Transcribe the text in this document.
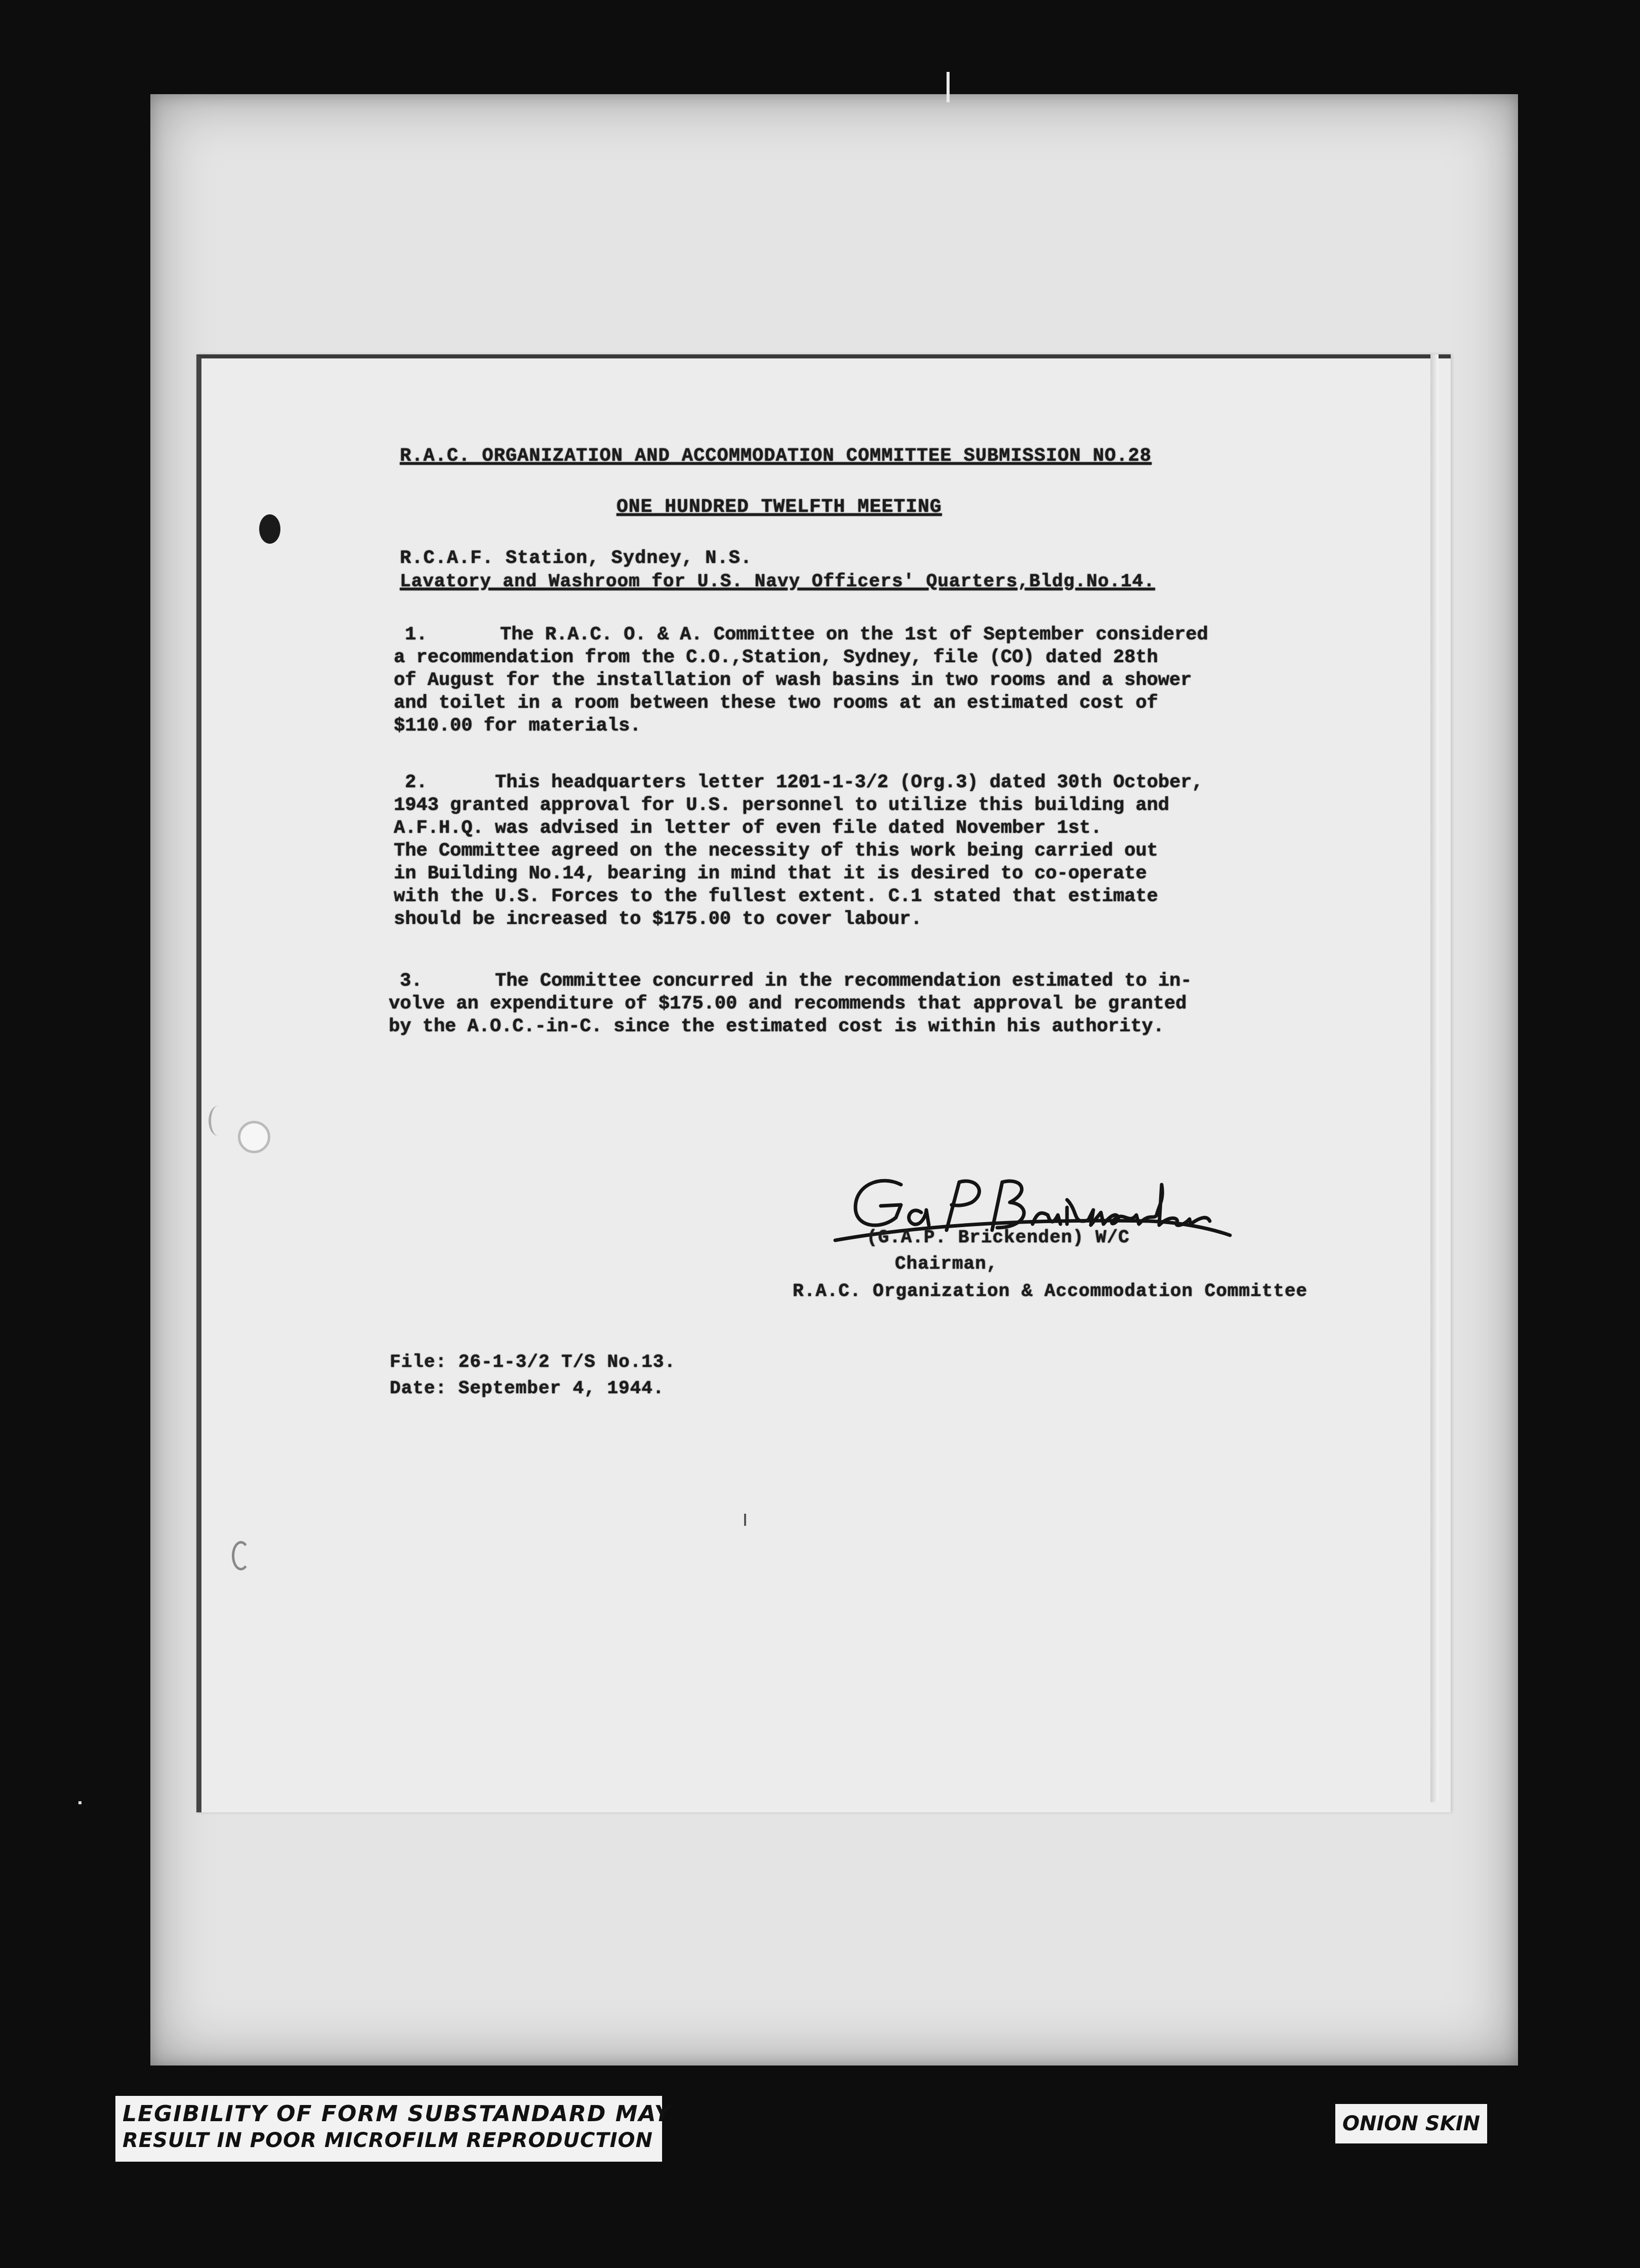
R.A.C. ORGANIZATION AND ACCOMMODATION COMMITTEE SUBMISSION NO.28
ONE HUNDRED TWELFTH MEETING
R.C.A.F. Station, Sydney, N.S.
Lavatory and Washroom for U.S. Navy Officers' Quarters,Bldg.No.14.
1.	The R.A.C. O. & A. Committee on the 1st of September considered
a recommendation from the C.O.,Station, Sydney, file (CO) dated 28th
of August for the installation of wash basins in two rooms and a shower
and toilet in a room between these two rooms at an estimated cost of
$110.00 for materials.
2.	This headquarters letter 1201-1-3/2 (Org.3) dated 30th October,
1943 granted approval for U.S. personnel to utilize this building and
A.F.H.Q. was advised in letter of even file dated November 1st.
The Committee agreed on the necessity of this work being carried out
in Building No.14, bearing in mind that it is desired to co-operate
with the U.S. Forces to the fullest extent. C.1 stated that estimate
should be increased to $175.00 to cover labour.
3.	The Committee concurred in the recommendation estimated to in-
volve an expenditure of $175.00 and recommends that approval be granted
by the A.O.C.-in-C. since the estimated cost is within his authority.
(G.A.P. Brickenden) W/C
Chairman,
R.A.C. Organization & Accommodation Committee
File: 26-1-3/2 T/S No.13.
Date: September 4, 1944.
LEGIBILITY OF FORM SUBSTANDARD MAY
RESULT IN POOR MICROFILM REPRODUCTION
ONION SKIN
